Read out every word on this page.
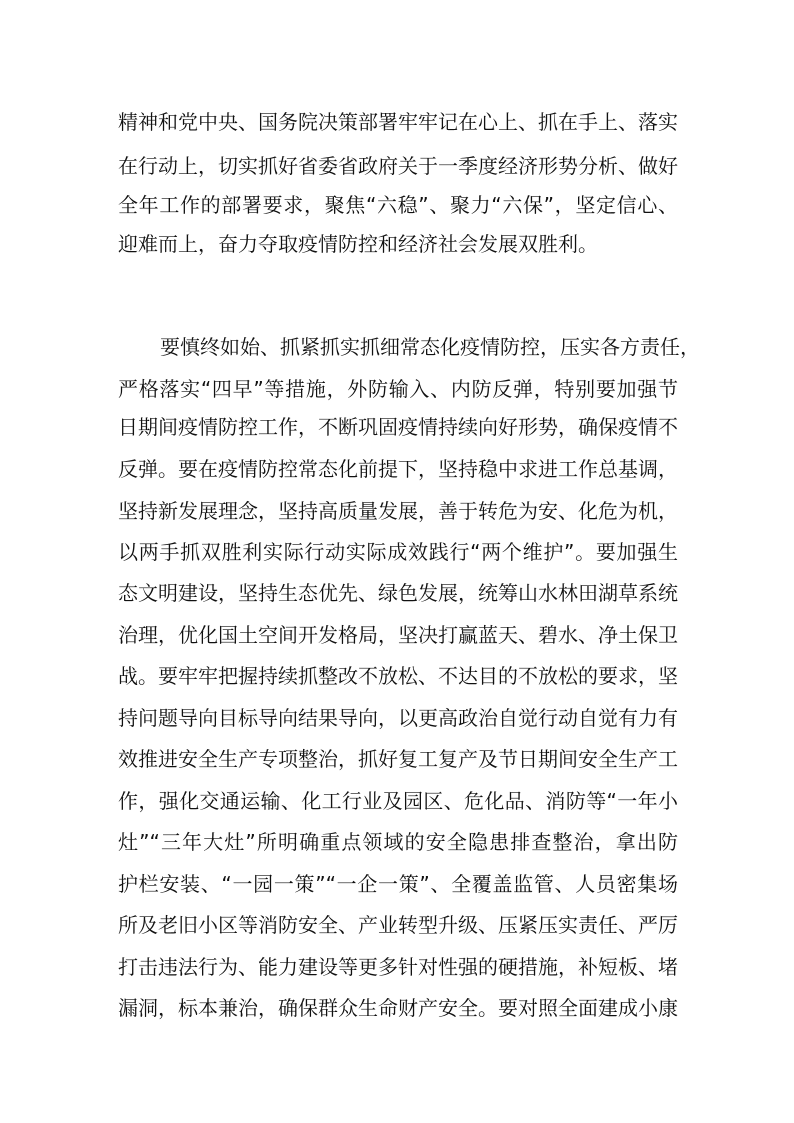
精神和党中央、国务院决策部署牢牢记在心上、抓在手上、落实
在行动上，切实抓好省委省政府关于一季度经济形势分析、做好
全年工作的部署要求，聚焦“六稳”、聚力“六保”，坚定信心、
迎难而上，奋力夺取疫情防控和经济社会发展双胜利。
要慎终如始、抓紧抓实抓细常态化疫情防控，压实各方责任，
严格落实“四早”等措施，外防输入、内防反弹，特别要加强节
日期间疫情防控工作，不断巩固疫情持续向好形势，确保疫情不
反弹。要在疫情防控常态化前提下，坚持稳中求进工作总基调，
坚持新发展理念，坚持高质量发展，善于转危为安、化危为机，
以两手抓双胜利实际行动实际成效践行“两个维护”。要加强生
态文明建设，坚持生态优先、绿色发展，统筹山水林田湖草系统
治理，优化国土空间开发格局，坚决打赢蓝天、碧水、净土保卫
战。要牢牢把握持续抓整改不放松、不达目的不放松的要求，坚
持问题导向目标导向结果导向，以更高政治自觉行动自觉有力有
效推进安全生产专项整治，抓好复工复产及节日期间安全生产工
作，强化交通运输、化工行业及园区、危化品、消防等“一年小
灶”“三年大灶”所明确重点领域的安全隐患排查整治，拿出防
护栏安装、“一园一策”“一企一策”、全覆盖监管、人员密集场
所及老旧小区等消防安全、产业转型升级、压紧压实责任、严厉
打击违法行为、能力建设等更多针对性强的硬措施，补短板、堵
漏洞，标本兼治，确保群众生命财产安全。要对照全面建成小康
